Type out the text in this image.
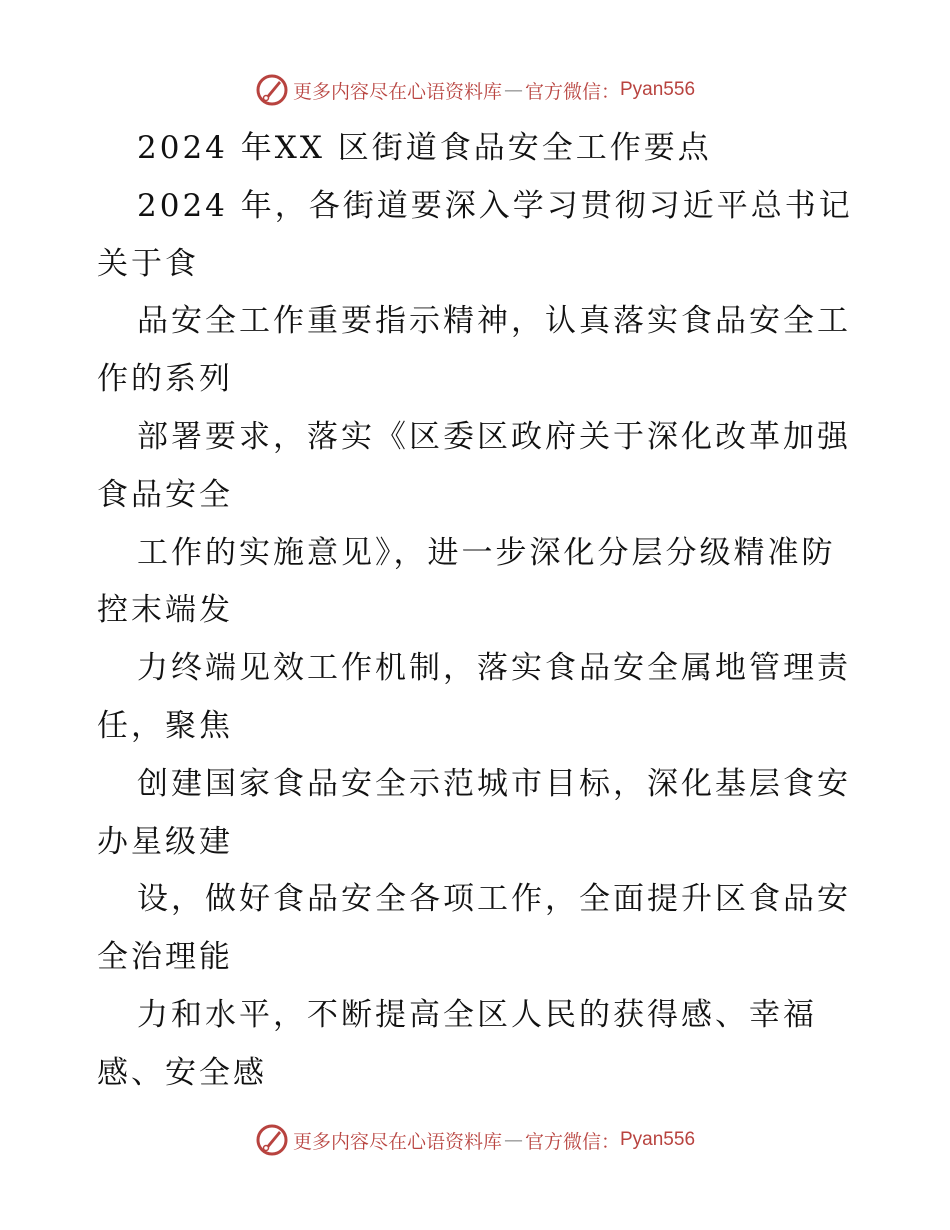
更多内容尽在心语资料库 — 官方微信： Pyan556
2024 年XX 区街道食品安全工作要点
2024 年，各街道要深入学习贯彻习近平总书记
关于食
品安全工作重要指示精神，认真落实食品安全工
作的系列
部署要求，落实《区委区政府关于深化改革加强
食品安全
工作的实施意见》，进一步深化分层分级精准防
控末端发
力终端见效工作机制，落实食品安全属地管理责
任，聚焦
创建国家食品安全示范城市目标，深化基层食安
办星级建
设，做好食品安全各项工作，全面提升区食品安
全治理能
力和水平，不断提高全区人民的获得感、幸福
感、安全感
更多内容尽在心语资料库 — 官方微信： Pyan556
